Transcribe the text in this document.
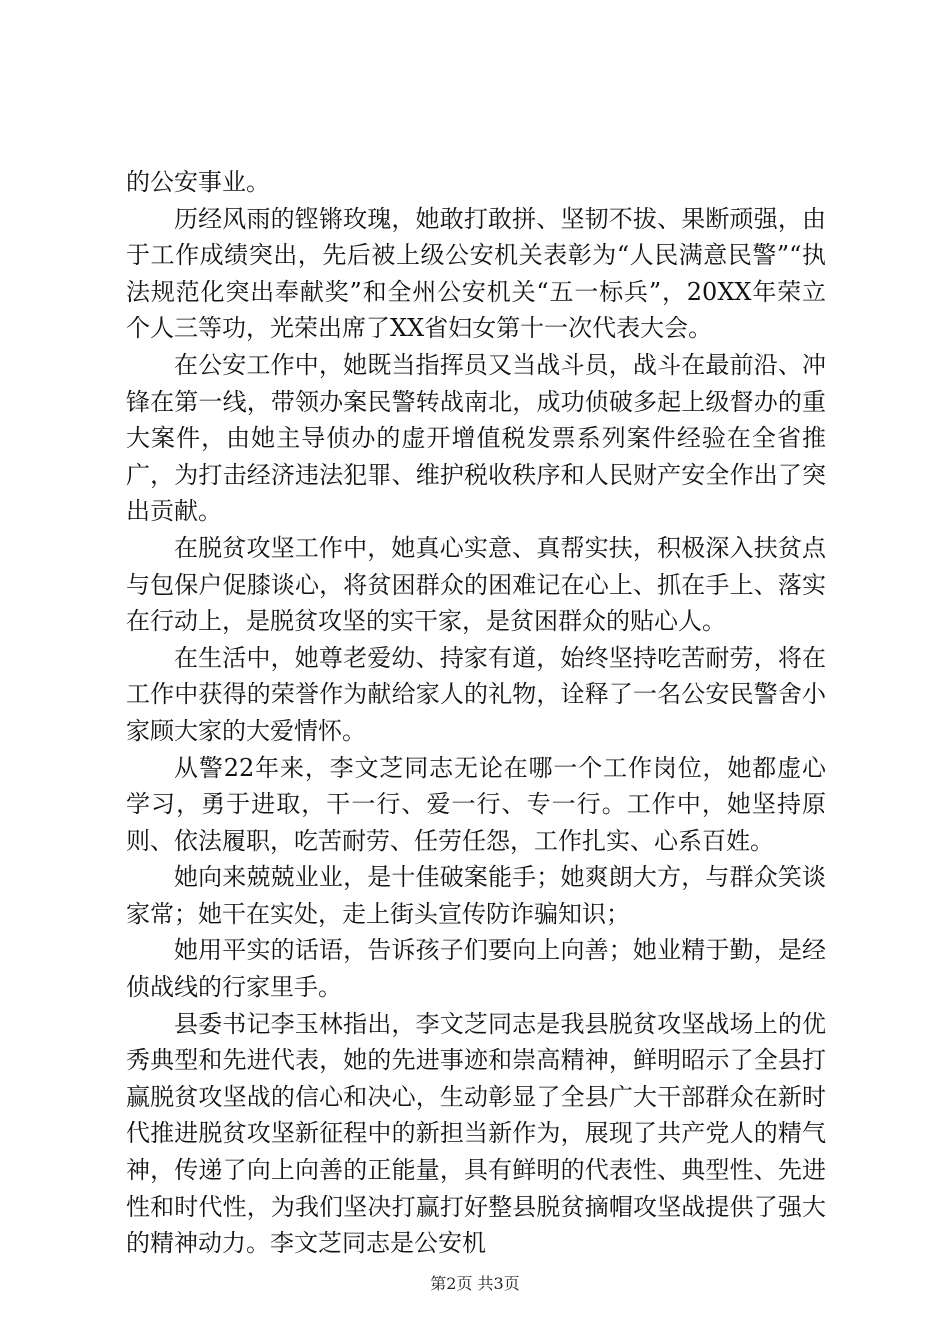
的公安事业。

历经风雨的铿锵玫瑰，她敢打敢拼、坚韧不拔、果断顽强，由于工作成绩突出，先后被上级公安机关表彰为“人民满意民警”“执法规范化突出奉献奖”和全州公安机关“五一标兵”，20XX年荣立个人三等功，光荣出席了XX省妇女第十一次代表大会。

在公安工作中，她既当指挥员又当战斗员，战斗在最前沿、冲锋在第一线，带领办案民警转战南北，成功侦破多起上级督办的重大案件，由她主导侦办的虚开增值税发票系列案件经验在全省推广，为打击经济违法犯罪、维护税收秩序和人民财产安全作出了突出贡献。

在脱贫攻坚工作中，她真心实意、真帮实扶，积极深入扶贫点与包保户促膝谈心，将贫困群众的困难记在心上、抓在手上、落实在行动上，是脱贫攻坚的实干家，是贫困群众的贴心人。

在生活中，她尊老爱幼、持家有道，始终坚持吃苦耐劳，将在工作中获得的荣誉作为献给家人的礼物，诠释了一名公安民警舍小家顾大家的大爱情怀。

从警22年来，李文芝同志无论在哪一个工作岗位，她都虚心学习，勇于进取，干一行、爱一行、专一行。工作中，她坚持原则、依法履职，吃苦耐劳、任劳任怨，工作扎实、心系百姓。

她向来兢兢业业，是十佳破案能手；她爽朗大方，与群众笑谈家常；她干在实处，走上街头宣传防诈骗知识；

她用平实的话语，告诉孩子们要向上向善；她业精于勤，是经侦战线的行家里手。

县委书记李玉林指出，李文芝同志是我县脱贫攻坚战场上的优秀典型和先进代表，她的先进事迹和崇高精神，鲜明昭示了全县打赢脱贫攻坚战的信心和决心，生动彰显了全县广大干部群众在新时代推进脱贫攻坚新征程中的新担当新作为，展现了共产党人的精气神，传递了向上向善的正能量，具有鲜明的代表性、典型性、先进性和时代性，为我们坚决打赢打好整县脱贫摘帽攻坚战提供了强大的精神动力。李文芝同志是公安机

第2页 共3页
